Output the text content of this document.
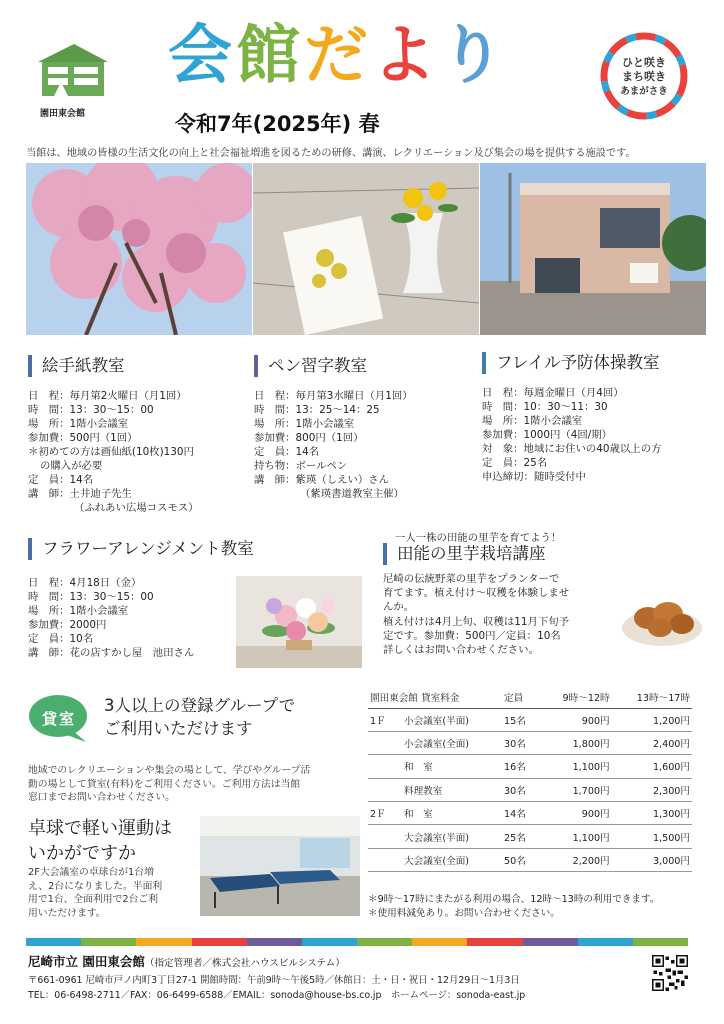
園田東会館
会館だより
令和7年(2025年) 春
ひと咲き
まち咲き
あまがさき
当館は、地域の皆様の生活文化の向上と社会福祉増進を図るための研修、講演、レクリエーション及び集会の場を提供する施設です。
絵手紙教室
日　程：毎月第2火曜日（月1回）
時　間：13：30〜15：00
場　所：1階小会議室
参加費：500円（1回）
＊初めての方は画仙紙(10枚)130円
の購入が必要
定　員：14名
講　師：土井迪子先生
（ふれあい広場コスモス）
ペン習字教室
日　程：毎月第3水曜日（月1回）
時　間：13：25〜14：25
場　所：1階小会議室
参加費：800円（1回）
定　員：14名
持ち物：ボールペン
講　師：紫瑛（しえい）さん
（紫瑛書道教室主催）
フレイル予防体操教室
日　程：毎週金曜日（月4回）
時　間：10：30〜11：30
場　所：1階小会議室
参加費：1000円（4回/期）
対　象：地域にお住いの40歳以上の方
定　員：25名
申込締切：随時受付中
フラワーアレンジメント教室
日　程：4月18日（金）
時　間：13：30〜15：00
場　所：1階小会議室
参加費：2000円
定　員：10名
講　師：花の店すかし屋　池田さん
一人一株の田能の里芋を育てよう！
田能の里芋栽培講座
尼崎の伝統野菜の里芋をプランターで
育てます。植え付け〜収穫を体験しませ
んか。
植え付けは4月上旬、収穫は11月下旬予
定です。参加費：500円／定員：10名
詳しくはお問い合わせください。
貸室
3人以上の登録グループで
ご利用いただけます
地域でのレクリエーションや集会の場として、学びやグループ活
動の場として貸室(有料)をご利用ください。ご利用方法は当館
窓口までお問い合わせください。
卓球で軽い運動は
いかがですか
2F大会議室の卓球台が1台増
え、2台になりました。半面利
用で1台、全面利用で2台ご利
用いただけます。
園田東会館 貸室料金		定員	9時〜12時	13時〜17時
1Ｆ	小会議室(半面)	15名	900円	1,200円
	小会議室(全面)	30名	1,800円	2,400円
	和　室	16名	1,100円	1,600円
	料理教室	30名	1,700円	2,300円
2Ｆ	和　室	14名	900円	1,300円
	大会議室(半面)	25名	1,100円	1,500円
	大会議室(全面)	50名	2,200円	3,000円
＊9時〜17時にまたがる利用の場合、12時〜13時の利用できます。
＊使用料減免あり。お問い合わせください。
尼崎市立 園田東会館（指定管理者／株式会社ハウスビルシステム）
〒661-0961 尼崎市戸ノ内町3丁目27-1 開館時間：午前9時〜午後5時／休館日：土・日・祝日・12月29日〜1月3日
TEL：06-6498-2711／FAX：06-6499-6588／EMAIL：sonoda@house-bs.co.jp　ホームページ：sonoda-east.jp
